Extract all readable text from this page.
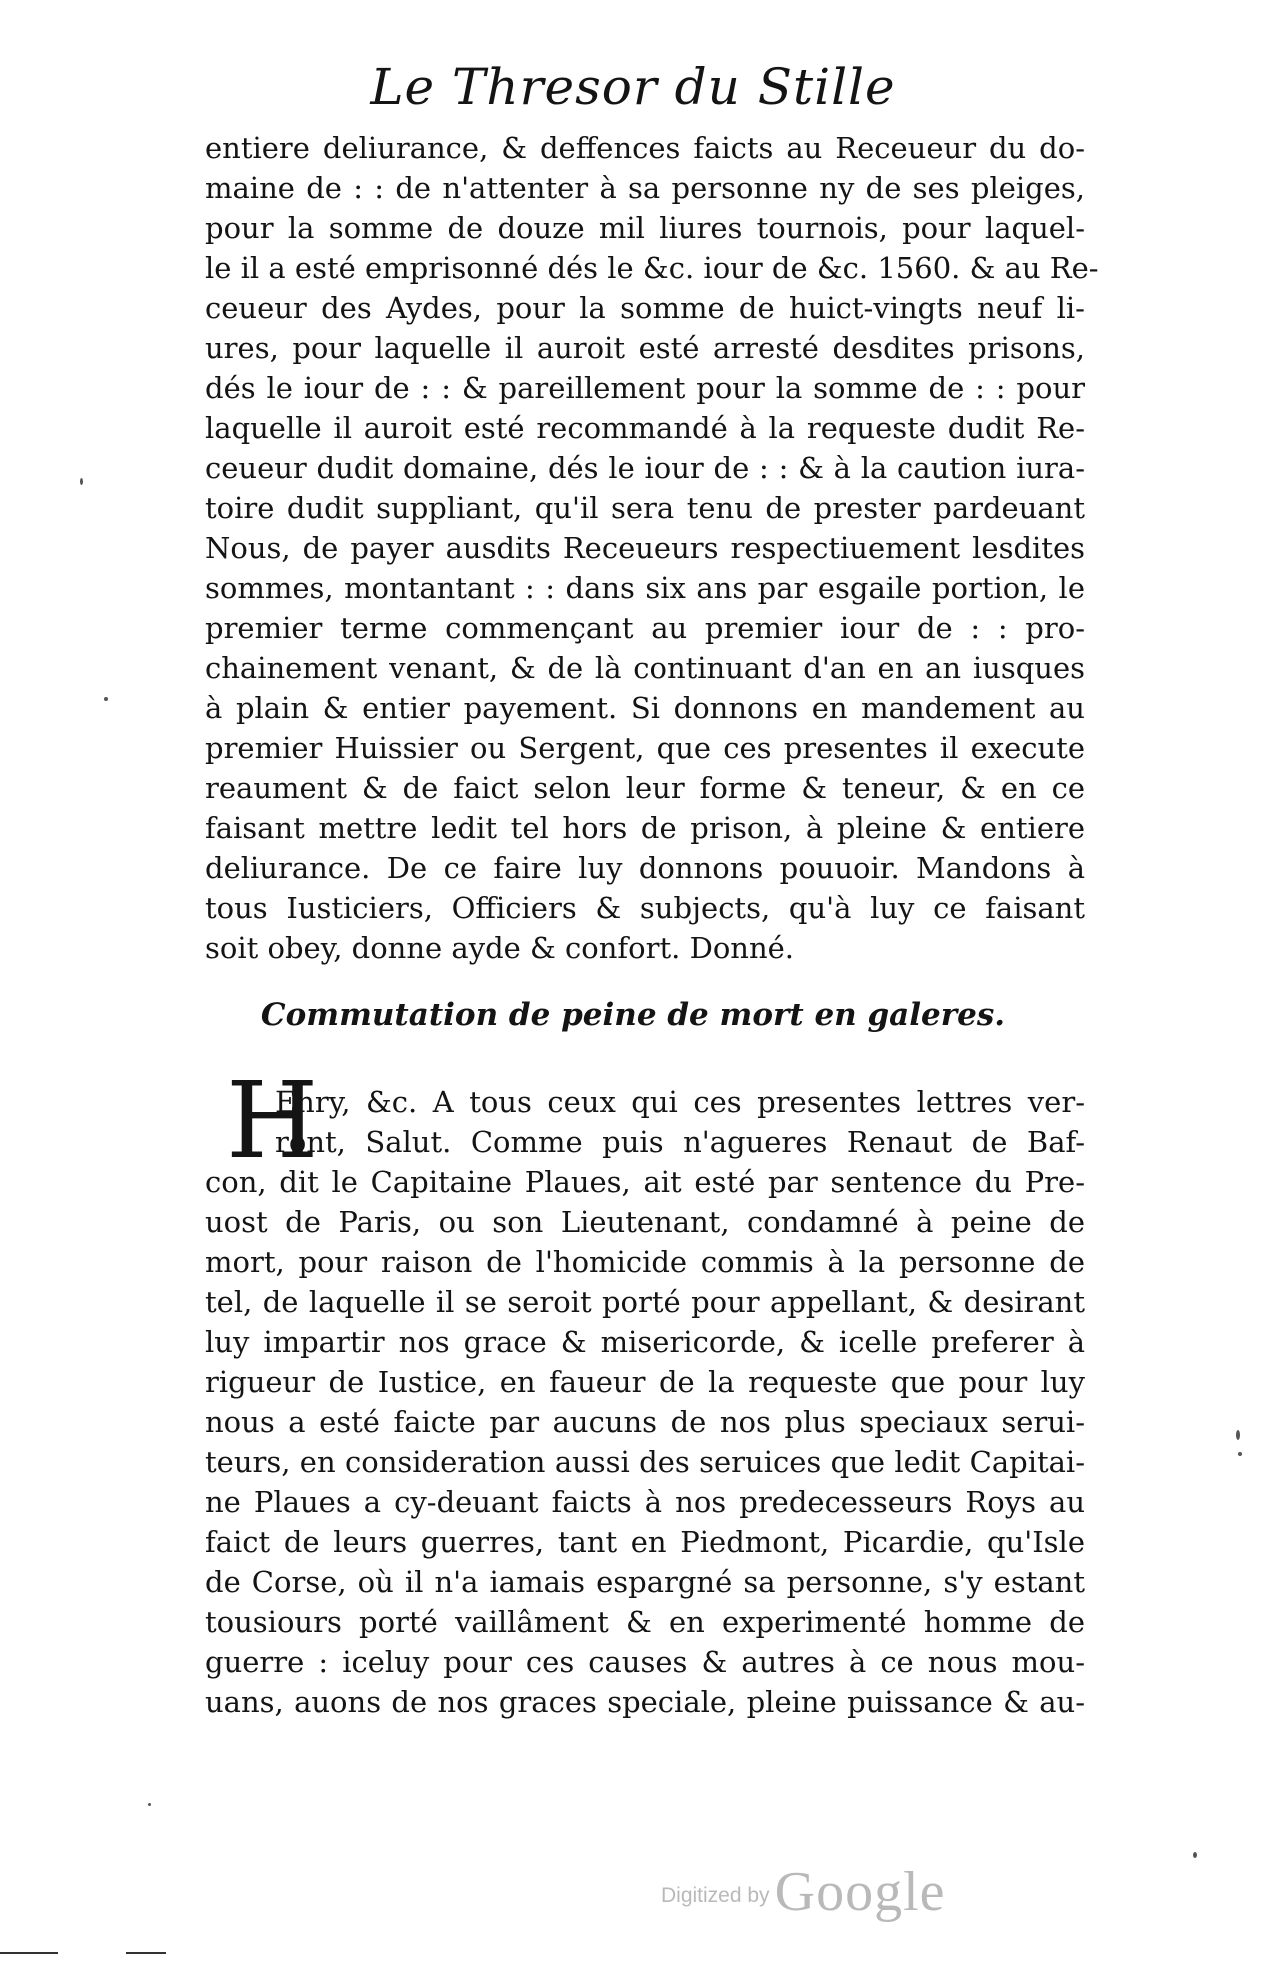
Le Thresor du Stille
entiere deliurance, & deffences faicts au Receueur du do-
maine de : : de n'attenter à sa personne ny de ses pleiges,
pour la somme de douze mil liures tournois, pour laquel-
le il a esté emprisonné dés le &c. iour de &c. 1560. & au Re-
ceueur des Aydes, pour la somme de huict-vingts neuf li-
ures, pour laquelle il auroit esté arresté desdites prisons,
dés le iour de : : & pareillement pour la somme de : : pour
laquelle il auroit esté recommandé à la requeste dudit Re-
ceueur dudit domaine, dés le iour de : : & à la caution iura-
toire dudit suppliant, qu'il sera tenu de prester pardeuant
Nous, de payer ausdits Receueurs respectiuement lesdites
sommes, montantant : : dans six ans par esgaile portion, le
premier terme commençant au premier iour de : : pro-
chainement venant, & de là continuant d'an en an iusques
à plain & entier payement. Si donnons en mandement au
premier Huissier ou Sergent, que ces presentes il execute
reaument & de faict selon leur forme & teneur, & en ce
faisant mettre ledit tel hors de prison, à pleine & entiere
deliurance. De ce faire luy donnons pouuoir. Mandons à
tous Iusticiers, Officiers & subjects, qu'à luy ce faisant
soit obey, donne ayde & confort. Donné.
Commutation de peine de mort en galeres.
H
Enry, &c. A tous ceux qui ces presentes lettres ver-
ront, Salut. Comme puis n'agueres Renaut de Baf-
con, dit le Capitaine Plaues, ait esté par sentence du Pre-
uost de Paris, ou son Lieutenant, condamné à peine de
mort, pour raison de l'homicide commis à la personne de
tel, de laquelle il se seroit porté pour appellant, & desirant
luy impartir nos grace & misericorde, & icelle preferer à
rigueur de Iustice, en faueur de la requeste que pour luy
nous a esté faicte par aucuns de nos plus speciaux serui-
teurs, en consideration aussi des seruices que ledit Capitai-
ne Plaues a cy-deuant faicts à nos predecesseurs Roys au
faict de leurs guerres, tant en Piedmont, Picardie, qu'Isle
de Corse, où il n'a iamais espargné sa personne, s'y estant
tousiours porté vaillâment & en experimenté homme de
guerre : iceluy pour ces causes & autres à ce nous mou-
uans, auons de nos graces speciale, pleine puissance & au-
Digitized by Google
